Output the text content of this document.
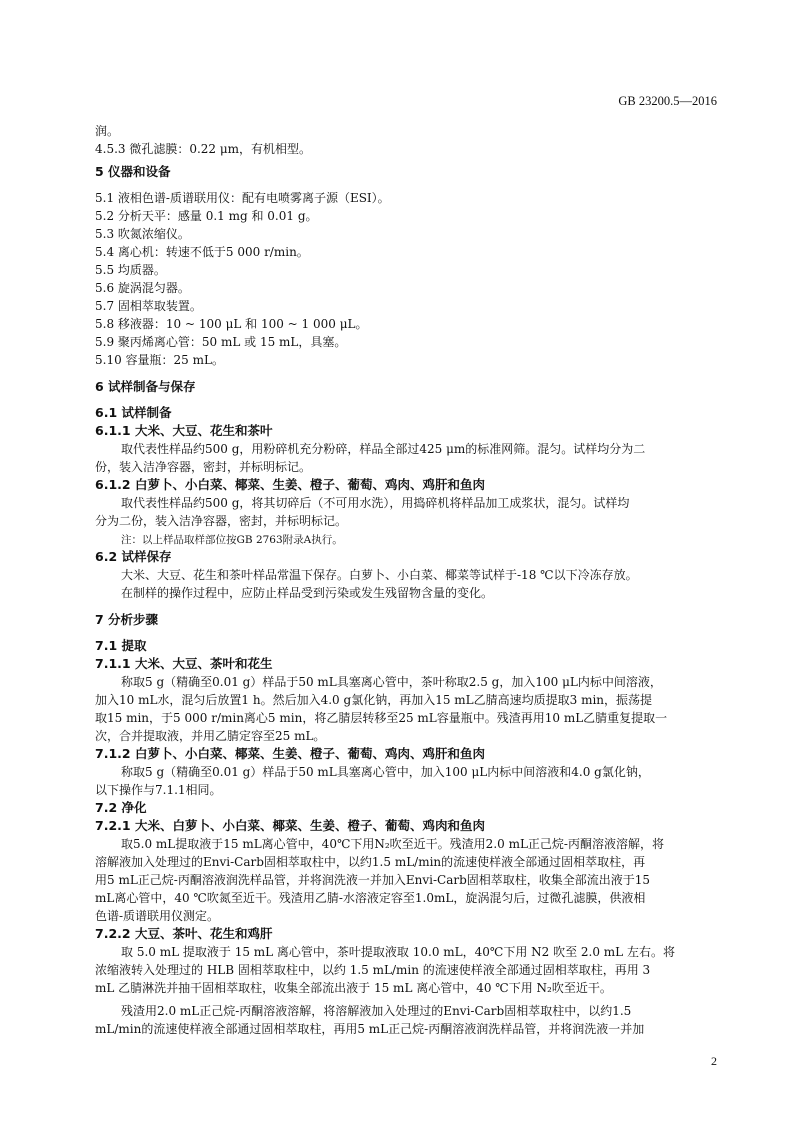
GB 23200.5—2016
润。
4.5.3 微孔滤膜：0.22 μm，有机相型。
5 仪器和设备
5.1 液相色谱-质谱联用仪：配有电喷雾离子源（ESI）。
5.2 分析天平：感量 0.1 mg 和 0.01 g。
5.3 吹氮浓缩仪。
5.4 离心机：转速不低于5 000 r/min。
5.5 均质器。
5.6 旋涡混匀器。
5.7 固相萃取装置。
5.8 移液器：10 ~ 100 μL 和 100 ~ 1 000 μL。
5.9 聚丙烯离心管：50 mL 或 15 mL，具塞。
5.10 容量瓶：25 mL。
6 试样制备与保存
6.1 试样制备
6.1.1 大米、大豆、花生和茶叶
取代表性样品约500 g，用粉碎机充分粉碎，样品全部过425 μm的标准网筛。混匀。试样均分为二
份，装入洁净容器，密封，并标明标记。
6.1.2 白萝卜、小白菜、椰菜、生姜、橙子、葡萄、鸡肉、鸡肝和鱼肉
取代表性样品约500 g，将其切碎后（不可用水洗），用捣碎机将样品加工成浆状，混匀。试样均
分为二份，装入洁净容器，密封，并标明标记。
注：以上样品取样部位按GB 2763附录A执行。
6.2 试样保存
大米、大豆、花生和茶叶样品常温下保存。白萝卜、小白菜、椰菜等试样于-18 ℃以下冷冻存放。
在制样的操作过程中，应防止样品受到污染或发生残留物含量的变化。
7 分析步骤
7.1 提取
7.1.1 大米、大豆、茶叶和花生
称取5 g（精确至0.01 g）样品于50 mL具塞离心管中，茶叶称取2.5 g，加入100 μL内标中间溶液，
加入10 mL水，混匀后放置1 h。然后加入4.0 g氯化钠，再加入15 mL乙腈高速均质提取3 min，振荡提
取15 min，于5 000 r/min离心5 min，将乙腈层转移至25 mL容量瓶中。残渣再用10 mL乙腈重复提取一
次，合并提取液，并用乙腈定容至25 mL。
7.1.2 白萝卜、小白菜、椰菜、生姜、橙子、葡萄、鸡肉、鸡肝和鱼肉
称取5 g（精确至0.01 g）样品于50 mL具塞离心管中，加入100 μL内标中间溶液和4.0 g氯化钠，
以下操作与7.1.1相同。
7.2 净化
7.2.1 大米、白萝卜、小白菜、椰菜、生姜、橙子、葡萄、鸡肉和鱼肉
取5.0 mL提取液于15 mL离心管中，40℃下用N₂吹至近干。残渣用2.0 mL正己烷-丙酮溶液溶解，将
溶解液加入处理过的Envi-Carb固相萃取柱中，以约1.5 mL/min的流速使样液全部通过固相萃取柱，再
用5 mL正己烷-丙酮溶液润洗样品管，并将润洗液一并加入Envi-Carb固相萃取柱，收集全部流出液于15
mL离心管中，40 ℃吹氮至近干。残渣用乙腈-水溶液定容至1.0mL，旋涡混匀后，过微孔滤膜，供液相
色谱-质谱联用仪测定。
7.2.2 大豆、茶叶、花生和鸡肝
取 5.0 mL 提取液于 15 mL 离心管中，茶叶提取液取 10.0 mL，40℃下用 N2 吹至 2.0 mL 左右。将
浓缩液转入处理过的 HLB 固相萃取柱中，以约 1.5 mL/min 的流速使样液全部通过固相萃取柱，再用 3
mL 乙腈淋洗并抽干固相萃取柱，收集全部流出液于 15 mL 离心管中，40 ℃下用 N₂吹至近干。
残渣用2.0 mL正己烷-丙酮溶液溶解，将溶解液加入处理过的Envi-Carb固相萃取柱中，以约1.5
mL/min的流速使样液全部通过固相萃取柱，再用5 mL正己烷-丙酮溶液润洗样品管，并将润洗液一并加
2
